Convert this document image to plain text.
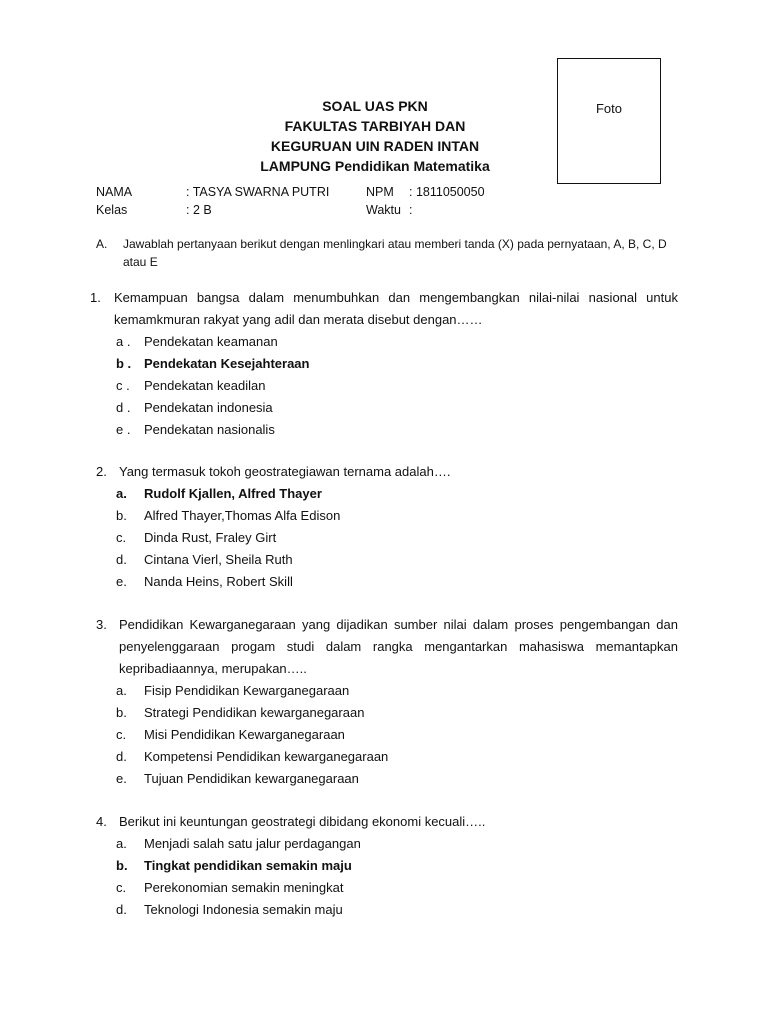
Foto
SOAL UAS PKN
FAKULTAS TARBIYAH DAN
KEGURUAN UIN RADEN INTAN
LAMPUNG Pendidikan Matematika
NAMA	: TASYA SWARNA PUTRI	NPM : 1811050050
Kelas	: 2 B	Waktu :
A. Jawablah pertanyaan berikut dengan menlingkari atau memberi tanda (X) pada pernyataan, A, B, C, D atau E
1. Kemampuan bangsa dalam menumbuhkan dan mengembangkan nilai-nilai nasional untuk kemamkmuran rakyat yang adil dan merata disebut dengan……
a . Pendekatan keamanan
b . Pendekatan Kesejahteraan
c . Pendekatan keadilan
d . Pendekatan indonesia
e . Pendekatan nasionalis
2. Yang termasuk tokoh geostrategiawan ternama adalah….
a. Rudolf Kjallen, Alfred Thayer
b. Alfred Thayer,Thomas Alfa Edison
c. Dinda Rust, Fraley Girt
d. Cintana Vierl, Sheila Ruth
e. Nanda Heins, Robert Skill
3. Pendidikan Kewarganegaraan yang dijadikan sumber nilai dalam proses pengembangan dan penyelenggaraan progam studi dalam rangka mengantarkan mahasiswa memantapkan kepribadiaannya, merupakan…..
a. Fisip Pendidikan Kewarganegaraan
b. Strategi Pendidikan kewarganegaraan
c. Misi Pendidikan Kewarganegaraan
d. Kompetensi Pendidikan kewarganegaraan
e. Tujuan Pendidikan kewarganegaraan
4. Berikut ini keuntungan geostrategi dibidang ekonomi kecuali…..
a. Menjadi salah satu jalur perdagangan
b. Tingkat pendidikan semakin maju
c. Perekonomian semakin meningkat
d. Teknologi Indonesia semakin maju
